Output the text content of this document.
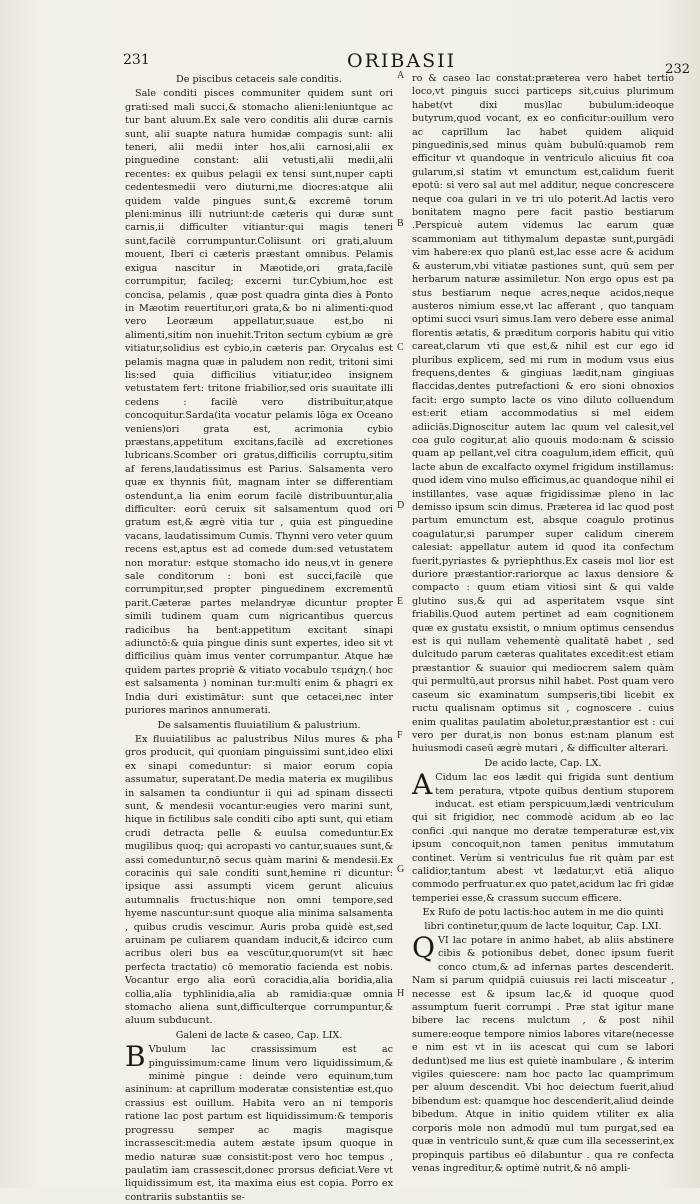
231	ORIBASII	232
A
B
C
D
E
F
G
H

De piscibus cetaceis sale conditis.

Sale conditi pisces communiter quidem sunt ori grati:sed mali succi,& stomacho alieni:leniuntque ac tur bant aluum.Ex sale vero conditis alii duræ carnis sunt, alii suapte natura humidæ compagis sunt: alii teneri, alii medii inter hos,alii carnosi,alii ex pinguedine constant: alii vetusti,alii medii,alii recentes: ex quibus pelagii ex tensi sunt,nuper capti cedentesmedii vero diuturni,me diocres:atque alii quidem valde pingues sunt,& excremē torum pleni:minus illi nutriunt:de cæteris qui duræ sunt carnis,ii difficulter vitiantur:qui magis teneri sunt,facilè corrumpuntur.Coliisunt ori grati,aluum mouent, Iberi ci cæteris præstant omnibus. Pelamis exigua nascitur in Mæotide,ori grata,facilè corrumpitur, facileq; excerni tur.Cybium,hoc est concisa, pelamis , quæ post quadra ginta dies à Ponto in Mæotim reuertitur,ori grata,& bo ni alimenti:quod vero Leoræum appellatur,suaue est,bo ni alimenti,sitim non inuehit.Triton sectum cybium æ grè vitiatur,solidius est cybio,in cæteris par. Orycalus est pelamis magna quæ in paludem non redit, tritoni simi lis:sed quia difficilius vitiatur,ideo insignem vetustatem fert: tritone friabilior,sed oris suauitate illi cedens : facilè vero distribuitur,atque concoquitur.Sarda(ita vocatur pelamis lōga ex Oceano veniens)ori grata est, acrimonia cybio præstans,appetitum excitans,facilè ad excretiones lubricans.Scomber ori gratus,difficilis corruptu,sitim af ferens,laudatissimus est Parius. Salsamenta vero quæ ex thynnis fiūt, magnam inter se differentiam ostendunt,a lia enim eorum facilè distribuuntur,alia difficulter: eorū ceruix sit salsamentum quod ori gratum est,& ægrè vitia tur , quia est pinguedine vacans, laudatissimum Cumis. Thynni vero veter quum recens est,aptus est ad comede dum:sed vetustatem non moratur: estque stomacho ido neus,vt in genere sale conditorum : boni est succi,facilè que corrumpitur,sed propter pinguedinem excrementū parit.Cæteræ partes melandryæ dicuntur propter simili tudinem quam cum nigricantibus quercus radicibus ha bent:appetitum excitant sinapi adiunctō:& quia pingue dinis sunt expertes, ideo sit vt difficilius quàm imus venter corrumpantur. Atque hæ quidem partes propriè & vitiato vocabulo τεμάχη.( hoc est salsamenta ) nominan tur:multi enim & phagri ex India duri existimātur: sunt que cetacei,nec inter puriores marinos annumerati.

De salsamentis fluuiatilium & palustrium.

Ex fluuiatilibus ac palustribus Nilus mures & pha gros producit, qui quoniam pinguissimi sunt,ideo elixi ex sinapi comeduntur: si maior eorum copia assumatur, superatant.De media materia ex mugilibus in salsamen ta condiuntur ii qui ad spinam dissecti sunt, & mendesii vocantur:eugies vero marini sunt, hique in fictilibus sale conditi cibo apti sunt, qui etiam crudi detracta pelle & euulsa comeduntur.Ex mugilibus quoq; qui acropasti vo cantur,suaues sunt,& assi comeduntur,nō secus quàm marini & mendesii.Ex coracinis qui sale conditi sunt,hemine ri dicuntur: ipsique assi assumpti vicem gerunt alicuius autumnalis fructus:hique non omni tempore,sed hyeme nascuntur:sunt quoque alia minima salsamenta , quibus crudis vescimur. Auris proba quidè est,sed aruinam pe culiarem quandam inducit,& idcirco cum acribus oleri bus ea vescūtur,quorum(vt sit hæc perfecta tractatio) cō memoratio facienda est nobis. Vocantur ergo alia eorū coracidia,alia boridia,alia collia,alia typhlinidia,alia ab ramidia:quæ omnia stomacho aliena sunt,difficulterque corrumpuntur,& aluum subducunt.

Galeni de lacte & caseo, Cap. LIX.

B Vbulum lac crassissimum est ac pinguissimum:came linum vero liquidissimum,& minimè pingue : deinde vero equinum,tum asininum: at caprillum moderatæ consistentiæ est,quo crassius est ouillum. Habita vero an ni temporis ratione lac post partum est liquidissimum:& temporis progressu semper ac magis magisque incrassescit:media autem æstate ipsum quoque in medio naturæ suæ consistit:post vero hoc tempus , paulatim iam crassescit,donec prorsus deficiat.Vere vt liquidissimum est, ita maxima eius est copia. Porro ex contrariis substantiis se-

ro & caseo lac constat:præterea vero habet tertio loco,vt pinguis succi particeps sit,cuius plurimum habet(vt dixi mus)lac bubulum:ideoque butyrum,quod vocant, ex eo conficitur:ouillum vero ac caprillum lac habet quidem aliquid pinguedinis,sed minus quàm bubulū:quamob rem efficitur vt quandoque in ventriculo alicuius fit coa gularum,si statim vt emunctum est,calidum fuerit epotū: si vero sal aut mel additur, neque concrescere neque coa gulari in ve tri ulo poterit.Ad lactis vero bonitatem magno pere facit pastio bestiarum .Perspicuè autem videmus lac earum quæ scammoniam aut tithymalum depastæ sunt,purgādi vim habere:ex quo planū est,lac esse acre & acidum & austerum,vbi vitiatæ pastiones sunt, quū sem per herbarum naturæ assimiletur. Non ergo opus est pa stus bestiarum neque acres,neque acidos,neque austeros nimium esse,vt lac afferant , quo tanquam optimi succi vsuri simus.Iam vero debere esse animal florentis ætatis, & præditum corporis habitu qui vitio careat,clarum vti que est,& nihil est cur ego id pluribus explicem, sed mi rum in modum vsus eius frequens,dentes & gingiuas lædit,nam gingiuas flaccidas,dentes putrefactioni & ero sioni obnoxios facit: ergo sumpto lacte os vino diluto colluendum est:erit etiam accommodatius si mel eidem adiiciās.Dignoscitur autem lac quum vel calesit,vel coa gulo cogitur,at alio quouis modo:nam & scissio quam ap pellant,vel citra coagulum,idem efficit, quū lacte abun de excalfacto oxymel frigidum instillamus: quod idem vino mulso efficimus,ac quandoque nihil ei instillantes, vase aquæ frigidissimæ pleno in lac demisso ipsum scin dimus. Præterea id lac quod post partum emunctum est, absque coagulo protinus coagulatur,si parumper super calidum cinerem calesiat: appellatur autem id quod ita confectum fuerit,pyriastes & pyriephthus.Ex caseis mol lior est duriore præstantior:rariorque ac laxus densiore & compacto : quum etiam vitiosi sint & qui valde glutino sus,& qui ad asperitatem vsque sint friabilis.Quod autem pertinet ad eam cognitionem quæ ex gustatu exsistit, o mnium optimus censendus est is qui nullam vehementè qualitatē habet , sed dulcitudo parum cæteras qualitates excedit:est etiam præstantior & suauior qui mediocrem salem quàm qui permultū,aut prorsus nihil habet. Post quam vero caseum sic examinatum sumpseris,tibi licebit ex ructu qualisnam optimus sit , cognoscere . cuius enim qualitas paulatim aboletur,præstantior est : cui vero per durat,is non bonus est:nam planum est huiusmodi caseū ægrè mutari , & difficulter alterari.

De acido lacte, Cap. LX.

A Cidum lac eos lædit qui frigida sunt dentium tem peratura, vtpote quibus dentium stuporem inducat. est etiam perspicuum,lædi ventriculum qui sit frigidior, nec commodè acidum ab eo lac confici .qui nanque mo deratæ temperaturæ est,vix ipsum concoquit,non tamen penitus immutatum continet. Verùm si ventriculus fue rit quàm par est calidior,tantum abest vt lædatur,vt etiā aliquo commodo perfruatur.ex quo patet,acidum lac fri gidæ temperiei esse,& crassum succum efficere.

Ex Rufo de potu lactis:hoc autem in me dio quinti libri continetur,quum de lacte loquitur, Cap. LXI.

QVI lac potare in animo habet, ab aliis abstinere cibis & potionibus debet, donec ipsum fuerit conco ctum,& ad infernas partes descenderit. Nam si parum quidpiā cuiusuis rei lacti misceatur , necesse est & ipsum lac,& id quoque quod assumptum fuerit corrumpi . Præ stat igitur mane bibere lac recens mulctum , & post nihil sumere:eoque tempore nimios labores vitare(necesse e nim est vt in iis acescat qui cum se labori dedunt)sed me lius est quietè inambulare , & interim vigiles quiescere: nam hoc pacto lac quamprimum per aluum descendit. Vbi hoc deiectum fuerit,aliud bibendum est: quamque hoc descenderit,aliud deinde bibedum. Atque in initio quidem vtiliter ex alia corporis mole non admodū mul tum purgat,sed ea quæ in ventriculo sunt,& quæ cum illa secesserint,ex propinquis partibus eō dilabuntur . qua re confecta venas ingreditur,& optimè nutrit,& nō ampli-
